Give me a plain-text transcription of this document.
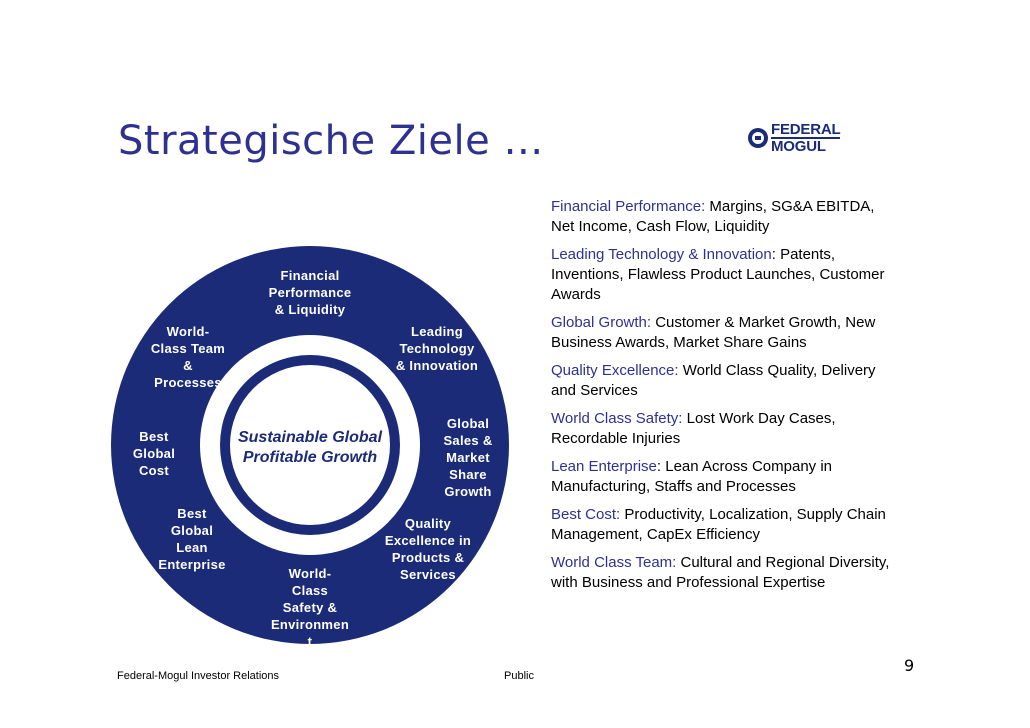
Strategische Ziele …	FEDERAL
MOGUL
Financial
Performance
& Liquidity
Leading
Technology
& Innovation
Global
Sales &
Market
Share
Growth
Quality
Excellence in
Products &
Services
World-
Class
Safety &
Environmen
t
Best
Global
Lean
Enterprise
Best
Global
Cost
World-
Class Team
&
Processes
Sustainable Global
Profitable Growth
Financial Performance: Margins, SG&A EBITDA, Net Income, Cash Flow, Liquidity
Leading Technology & Innovation: Patents, Inventions, Flawless Product Launches, Customer Awards
Global Growth: Customer & Market Growth, New Business Awards, Market Share Gains
Quality Excellence: World Class Quality, Delivery and Services
World Class Safety: Lost Work Day Cases, Recordable Injuries
Lean Enterprise: Lean Across Company in Manufacturing, Staffs and Processes
Best Cost: Productivity, Localization, Supply Chain Management, CapEx Efficiency
World Class Team: Cultural and Regional Diversity, with Business and Professional Expertise
Federal-Mogul Investor Relations	Public
9
